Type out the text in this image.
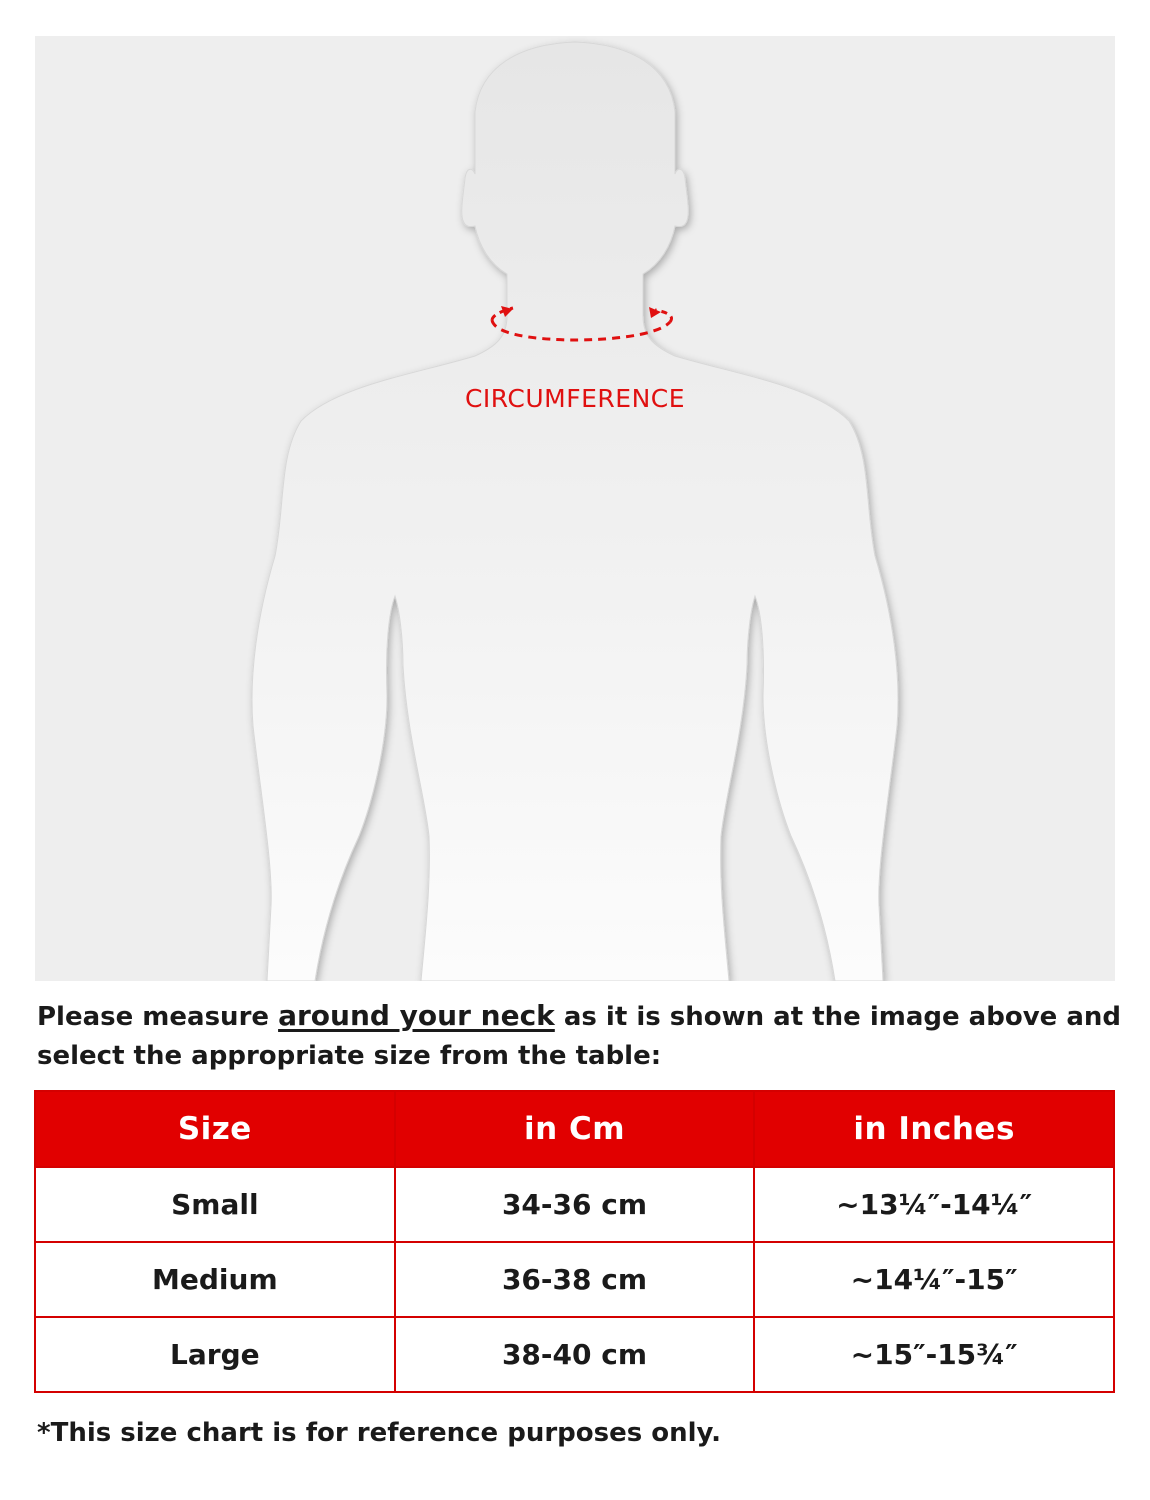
CIRCUMFERENCE

Please measure around your neck as it is shown at the image above and select the appropriate size from the table:

Size	in Cm	in Inches
Small	34-36 cm	~13¼″-14¼″
Medium	36-38 cm	~14¼″-15″
Large	38-40 cm	~15″-15¾″

*This size chart is for reference purposes only.
